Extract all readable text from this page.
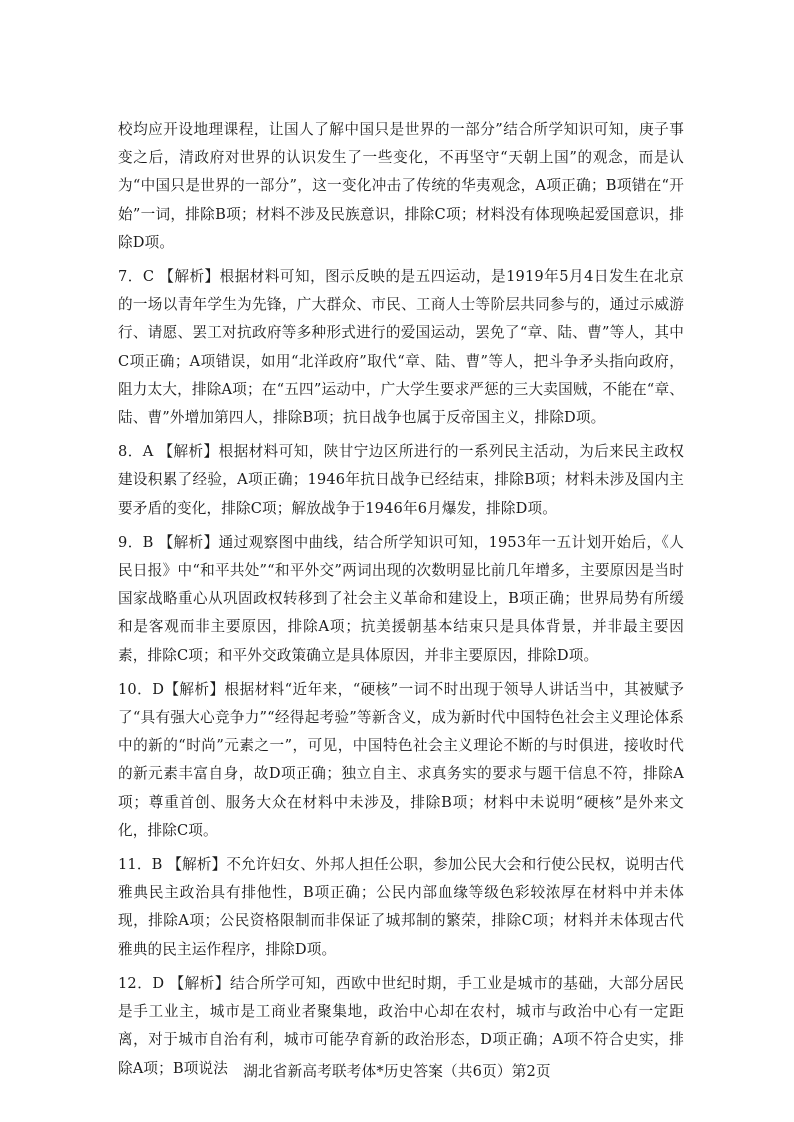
校均应开设地理课程，让国人了解中国只是世界的一部分”结合所学知识可知，庚子事变之后，清政府对世界的认识发生了一些变化，不再坚守“天朝上国”的观念，而是认为“中国只是世界的一部分”，这一变化冲击了传统的华夷观念，A项正确；B项错在“开始”一词，排除B项；材料不涉及民族意识，排除C项；材料没有体现唤起爱国意识，排除D项。

7．C 【解析】根据材料可知，图示反映的是五四运动，是1919年5月4日发生在北京的一场以青年学生为先锋，广大群众、市民、工商人士等阶层共同参与的，通过示威游行、请愿、罢工对抗政府等多种形式进行的爱国运动，罢免了“章、陆、曹”等人，其中C项正确；A项错误，如用“北洋政府”取代“章、陆、曹”等人，把斗争矛头指向政府，阻力太大，排除A项；在“五四”运动中，广大学生要求严惩的三大卖国贼，不能在“章、陆、曹”外增加第四人，排除B项；抗日战争也属于反帝国主义，排除D项。

8．A 【解析】根据材料可知，陕甘宁边区所进行的一系列民主活动，为后来民主政权建设积累了经验，A项正确；1946年抗日战争已经结束，排除B项；材料未涉及国内主要矛盾的变化，排除C项；解放战争于1946年6月爆发，排除D项。

9．B 【解析】通过观察图中曲线，结合所学知识可知，1953年一五计划开始后，《人民日报》中“和平共处”“和平外交”两词出现的次数明显比前几年增多，主要原因是当时国家战略重心从巩固政权转移到了社会主义革命和建设上，B项正确；世界局势有所缓和是客观而非主要原因，排除A项；抗美援朝基本结束只是具体背景，并非最主要因素，排除C项；和平外交政策确立是具体原因，并非主要原因，排除D项。

10．D【解析】根据材料“近年来，“硬核”一词不时出现于领导人讲话当中，其被赋予了“具有强大心竞争力”“经得起考验”等新含义，成为新时代中国特色社会主义理论体系中的新的“时尚”元素之一”，可见，中国特色社会主义理论不断的与时俱进，接收时代的新元素丰富自身，故D项正确；独立自主、求真务实的要求与题干信息不符，排除A项；尊重首创、服务大众在材料中未涉及，排除B项；材料中未说明“硬核”是外来文化，排除C项。

11．B 【解析】不允许妇女、外邦人担任公职，参加公民大会和行使公民权，说明古代雅典民主政治具有排他性，B项正确；公民内部血缘等级色彩较浓厚在材料中并未体现，排除A项；公民资格限制而非保证了城邦制的繁荣，排除C项；材料并未体现古代雅典的民主运作程序，排除D项。

12．D 【解析】结合所学可知，西欧中世纪时期，手工业是城市的基础，大部分居民是手工业主，城市是工商业者聚集地，政治中心却在农村，城市与政治中心有一定距离，对于城市自治有利，城市可能孕育新的政治形态，D项正确；A项不符合史实，排除A项；B项说法	湖北省新高考联考体*历史答案（共6页）第2页
